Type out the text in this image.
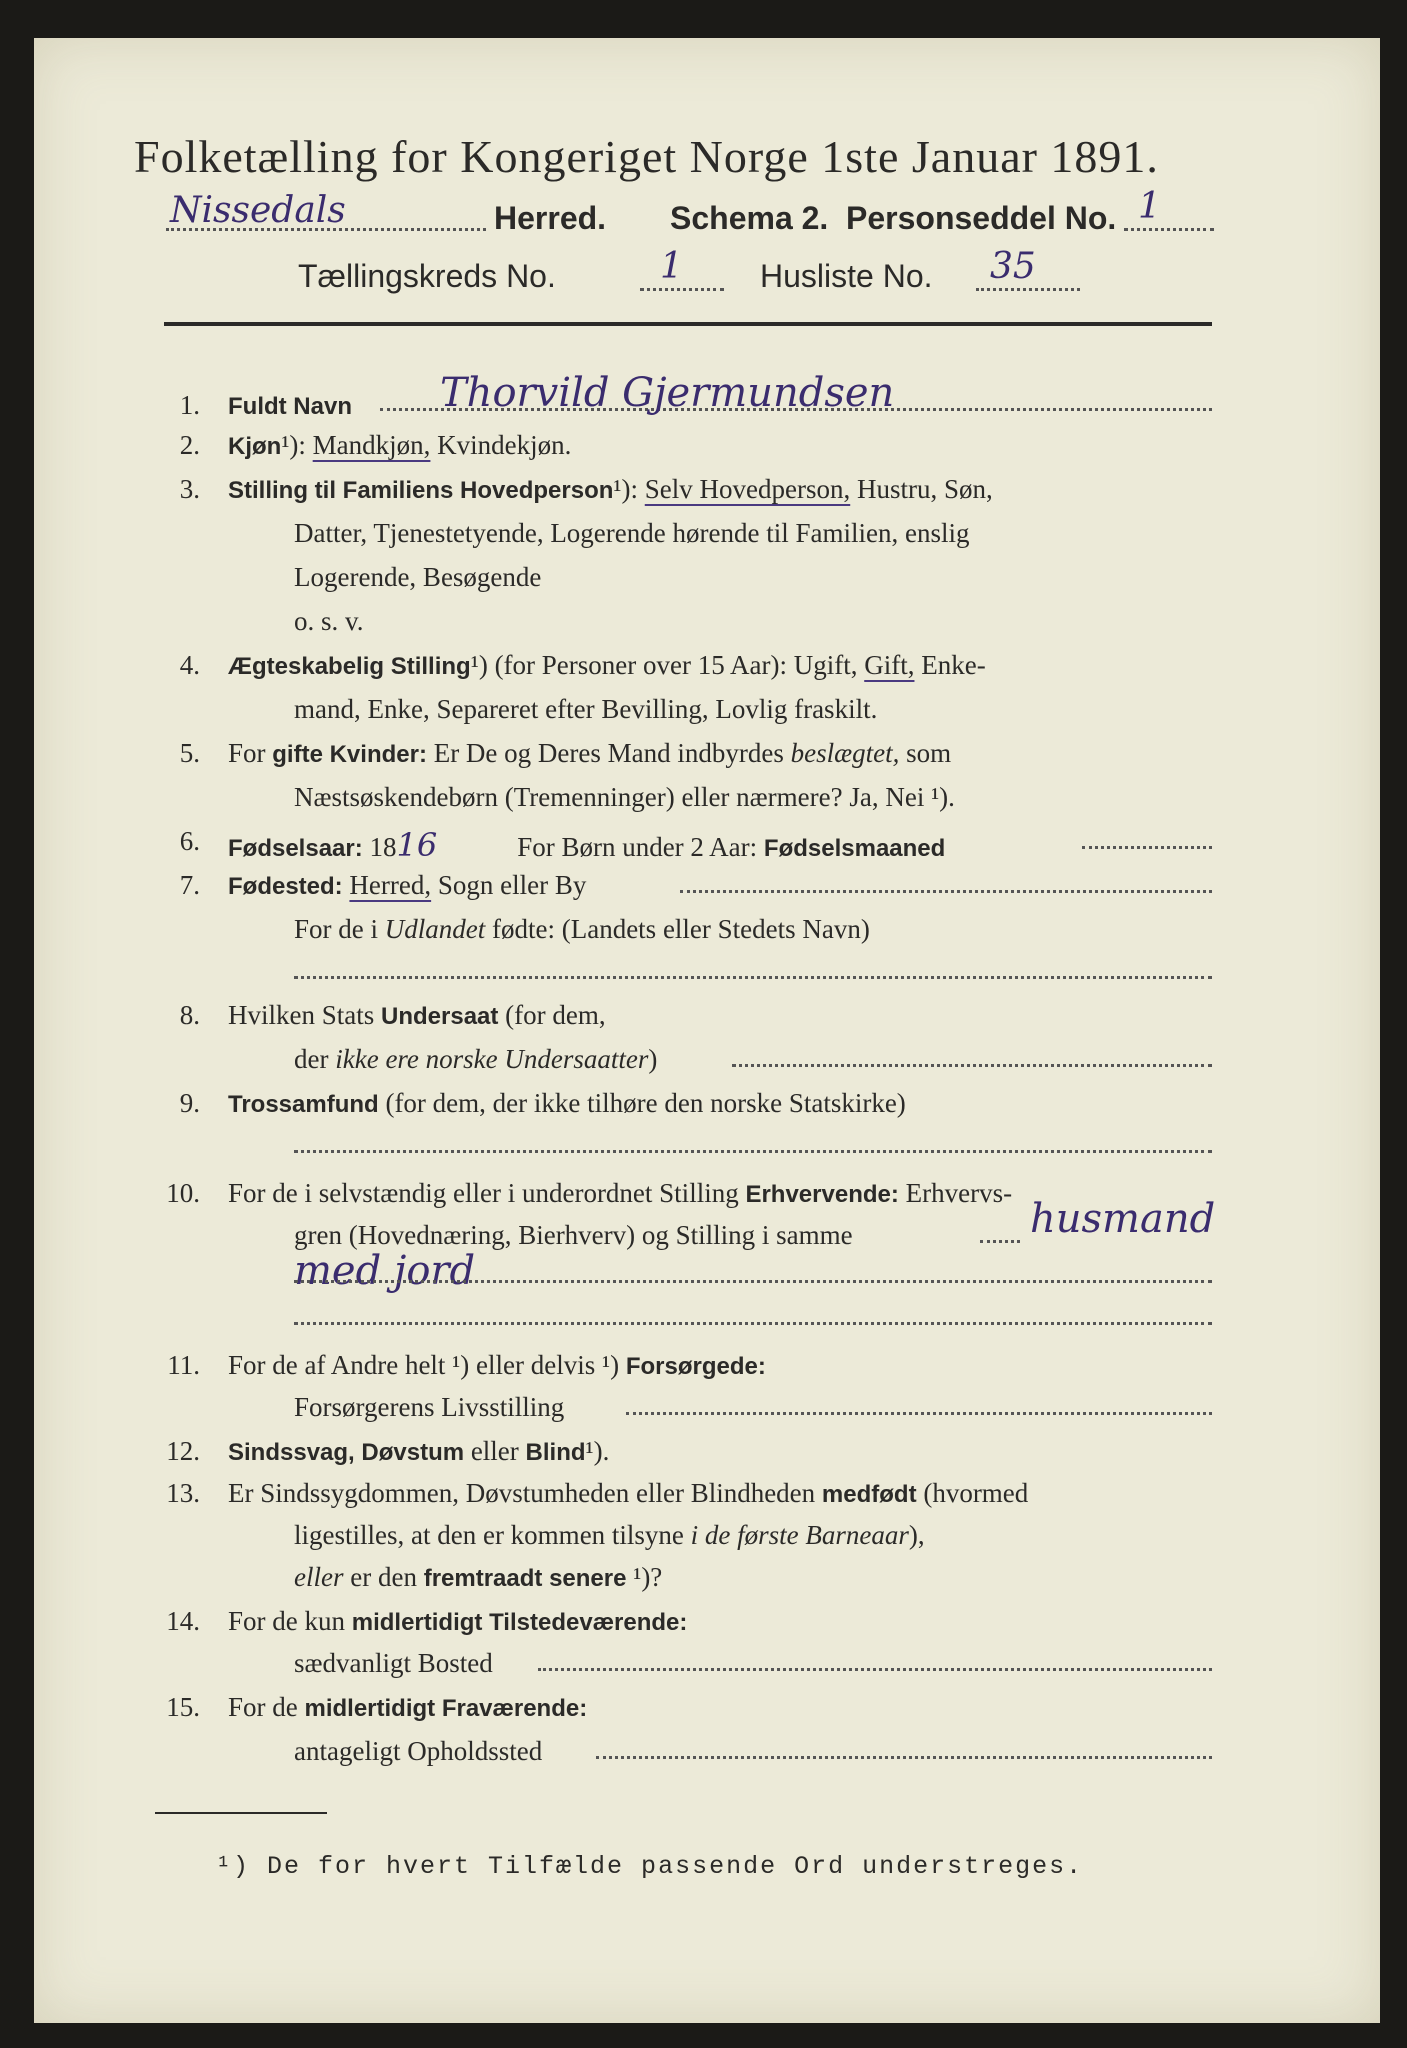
Folketælling for Kongeriget Norge 1ste Januar 1891.
Nissedals	Herred. Schema 2. Personseddel No. 1
Tællingskreds No.	1 Husliste No. 35
1. Fuldt Navn Thorvild Gjermundsen
2. Kjøn¹): Mandkjøn, Kvindekjøn.
3. Stilling til Familiens Hovedperson¹): Selv Hovedperson, Hustru, Søn,
Datter, Tjenestetyende, Logerende hørende til Familien, enslig
Logerende, Besøgende
o. s. v.
4. Ægteskabelig Stilling¹) (for Personer over 15 Aar): Ugift, Gift, Enke-
mand, Enke, Separeret efter Bevilling, Lovlig fraskilt.
5. For gifte Kvinder: Er De og Deres Mand indbyrdes beslægtet, som
Næstsøskendebørn (Tremenninger) eller nærmere? Ja, Nei ¹).
6. Fødselsaar: 1816	For Børn under 2 Aar: Fødselsmaaned
7. Fødested: Herred, Sogn eller By
For de i Udlandet fødte: (Landets eller Stedets Navn)
8. Hvilken Stats Undersaat (for dem,
der ikke ere norske Undersaatter)
9. Trossamfund (for dem, der ikke tilhøre den norske Statskirke)
10. For de i selvstændig eller i underordnet Stilling Erhvervende: Erhvervs-
gren (Hovednæring, Bierhverv) og Stilling i samme	husmand
med jord
11. For de af Andre helt ¹) eller delvis ¹) Forsørgede:
Forsørgerens Livsstilling
12. Sindssvag, Døvstum eller Blind¹).
13. Er Sindssygdommen, Døvstumheden eller Blindheden medfødt (hvormed
ligestilles, at den er kommen tilsyne i de første Barneaar),
eller er den fremtraadt senere ¹)?
14. For de kun midlertidigt Tilstedeværende:
sædvanligt Bosted
15. For de midlertidigt Fraværende:
antageligt Opholdssted
¹) De for hvert Tilfælde passende Ord understreges.
